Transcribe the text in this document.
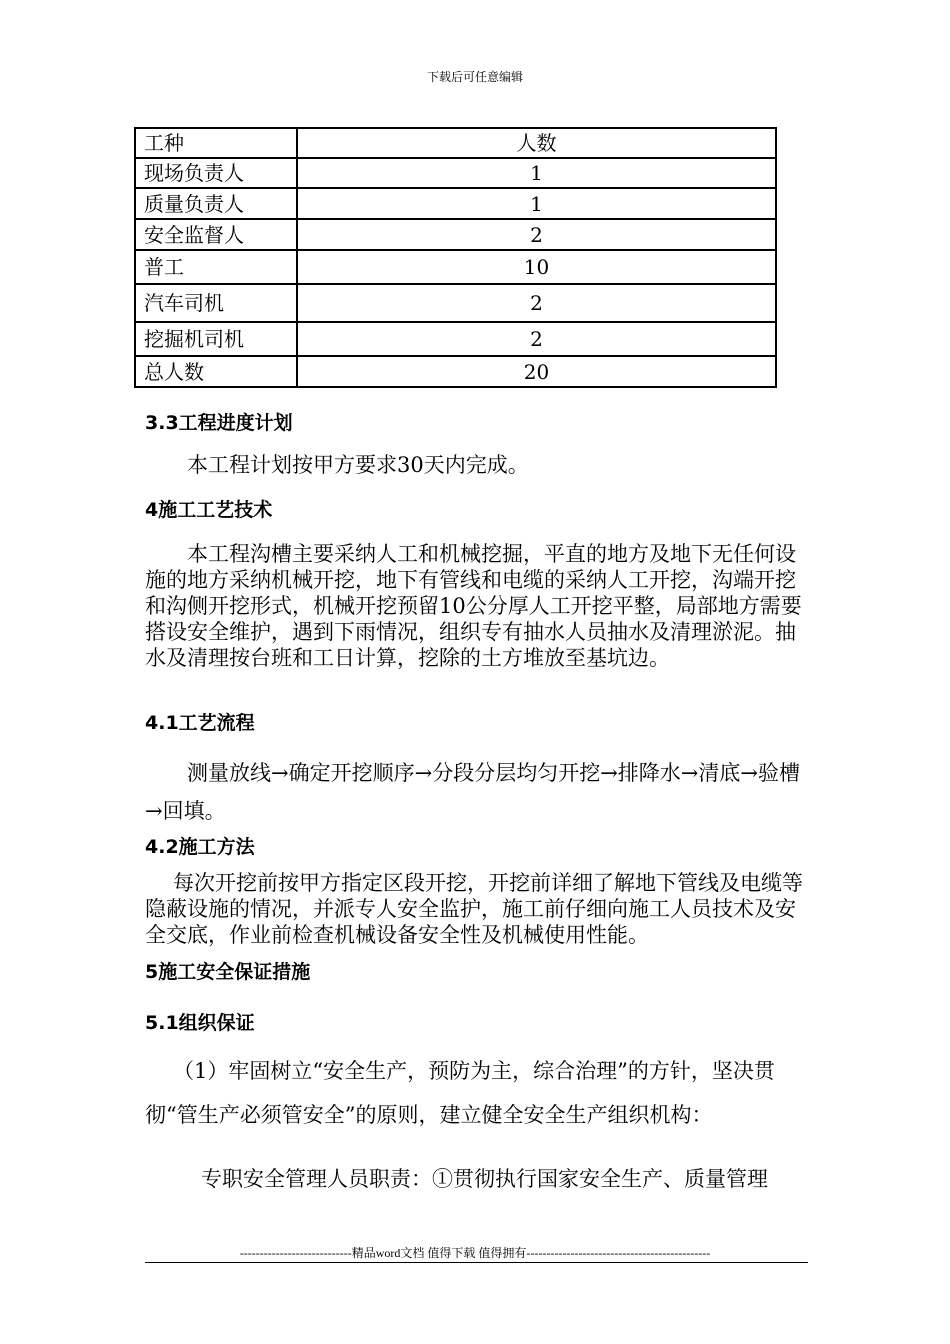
下载后可任意编辑
工种	人数
现场负责人	1
质量负责人	1
安全监督人	2
普工	10
汽车司机	2
挖掘机司机	2
总人数	20
3.3工程进度计划
本工程计划按甲方要求30天内完成。
4施工工艺技术
本工程沟槽主要采纳人工和机械挖掘，平直的地方及地下无任何设施的地方采纳机械开挖，地下有管线和电缆的采纳人工开挖，沟端开挖和沟侧开挖形式，机械开挖预留10公分厚人工开挖平整，局部地方需要搭设安全维护，遇到下雨情况，组织专有抽水人员抽水及清理淤泥。抽水及清理按台班和工日计算，挖除的土方堆放至基坑边。
4.1工艺流程
测量放线→确定开挖顺序→分段分层均匀开挖→排降水→清底→验槽→回填。
4.2施工方法
每次开挖前按甲方指定区段开挖，开挖前详细了解地下管线及电缆等隐蔽设施的情况，并派专人安全监护，施工前仔细向施工人员技术及安全交底，作业前检查机械设备安全性及机械使用性能。
5施工安全保证措施
5.1组织保证
（1）牢固树立“安全生产，预防为主，综合治理”的方针，坚决贯彻“管生产必须管安全”的原则，建立健全安全生产组织机构：
专职安全管理人员职责：①贯彻执行国家安全生产、质量管理
----------------------------精品word文档 值得下载 值得拥有----------------------------------------------
